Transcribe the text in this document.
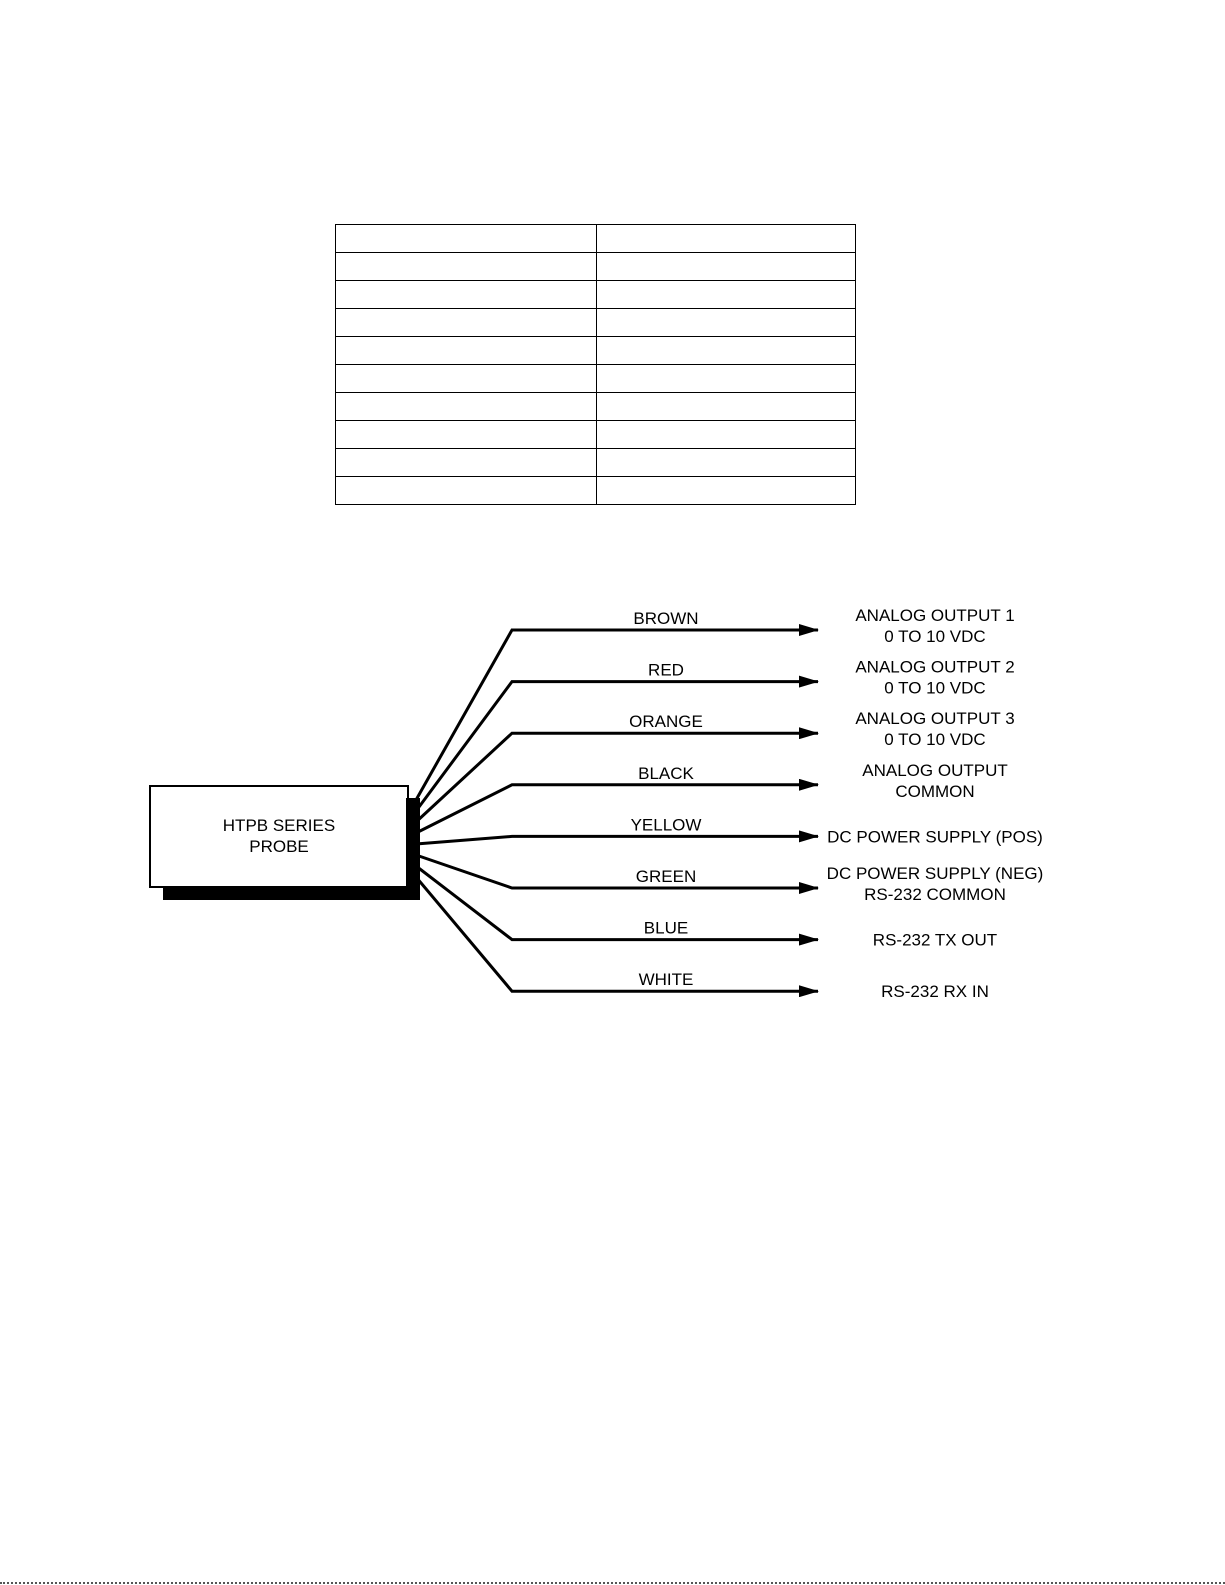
HTPB SERIES
PROBE
BROWN	ANALOG OUTPUT 1
0 TO 10 VDC
RED	ANALOG OUTPUT 2
0 TO 10 VDC
ORANGE	ANALOG OUTPUT 3
0 TO 10 VDC
BLACK	ANALOG OUTPUT
COMMON
YELLOW
DC POWER SUPPLY (POS)
GREEN	DC POWER SUPPLY (NEG)
RS-232 COMMON
BLUE
RS-232 TX OUT
WHITE
RS-232 RX IN
